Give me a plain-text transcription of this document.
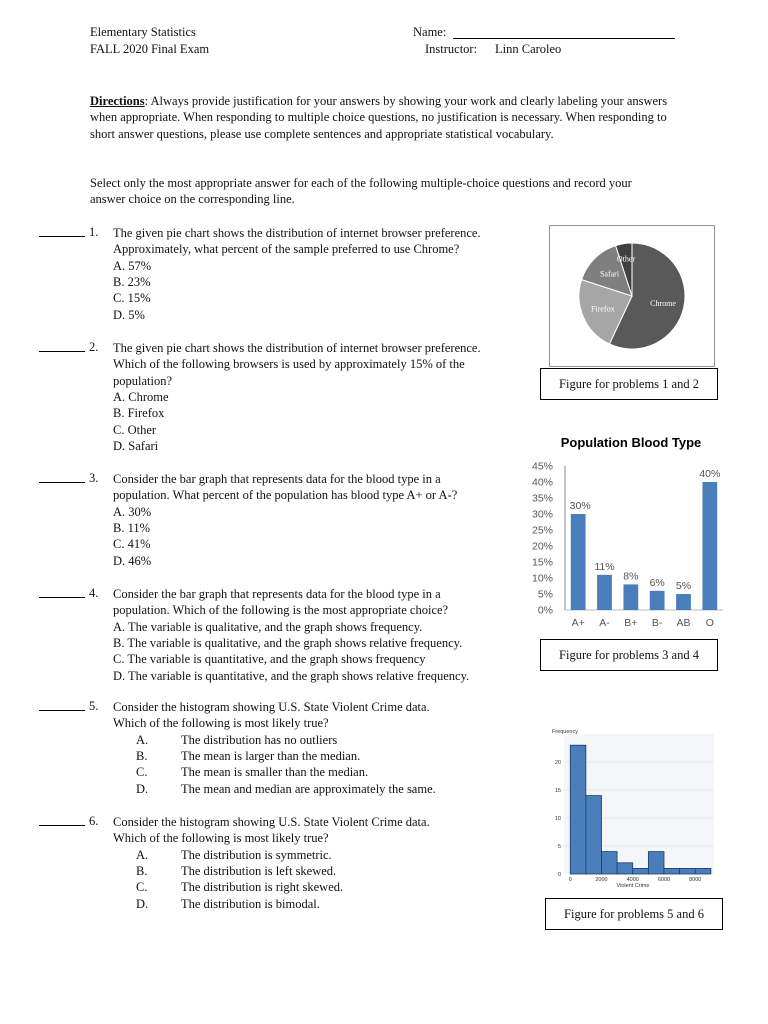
Elementary Statistics
FALL 2020 Final Exam
Name:
Instructor: Linn Caroleo
Directions: Always provide justification for your answers by showing your work and clearly labeling your answers when appropriate. When responding to multiple choice questions, no justification is necessary. When responding to short answer questions, please use complete sentences and appropriate statistical vocabulary.
Select only the most appropriate answer for each of the following multiple-choice questions and record your answer choice on the corresponding line.
1. The given pie chart shows the distribution of internet browser preference.
Approximately, what percent of the sample preferred to use Chrome?
A. 57%
B. 23%
C. 15%
D. 5%
2. The given pie chart shows the distribution of internet browser preference.
Which of the following browsers is used by approximately 15% of the
population?
A. Chrome
B. Firefox
C. Other
D. Safari
3. Consider the bar graph that represents data for the blood type in a
population. What percent of the population has blood type A+ or A-?
A. 30%
B. 11%
C. 41%
D. 46%
4. Consider the bar graph that represents data for the blood type in a
population. Which of the following is the most appropriate choice?
A. The variable is qualitative, and the graph shows frequency.
B. The variable is qualitative, and the graph shows relative frequency.
C. The variable is quantitative, and the graph shows frequency
D. The variable is quantitative, and the graph shows relative frequency.
5. Consider the histogram showing U.S. State Violent Crime data.
Which of the following is most likely true?
A.	The distribution has no outliers
B.	The mean is larger than the median.
C.	The mean is smaller than the median.
D.	The mean and median are approximately the same.
6. Consider the histogram showing U.S. State Violent Crime data.
Which of the following is most likely true?
A.	The distribution is symmetric.
B.	The distribution is left skewed.
C.	The distribution is right skewed.
D.	The distribution is bimodal.
Chrome
Firefox
Safari
Other
Figure for problems 1 and 2
Population Blood Type
0%
5%
10%
15%
20%
25%
30%
35%
40%
45%
30%
A+
11%
A-
8%
B+
6%
B-
5%
AB
40%
O
Figure for problems 3 and 4
Frequency
0
5
10
15
20
0	2000	4000	6000	8000
Violent Crime
Figure for problems 5 and 6
